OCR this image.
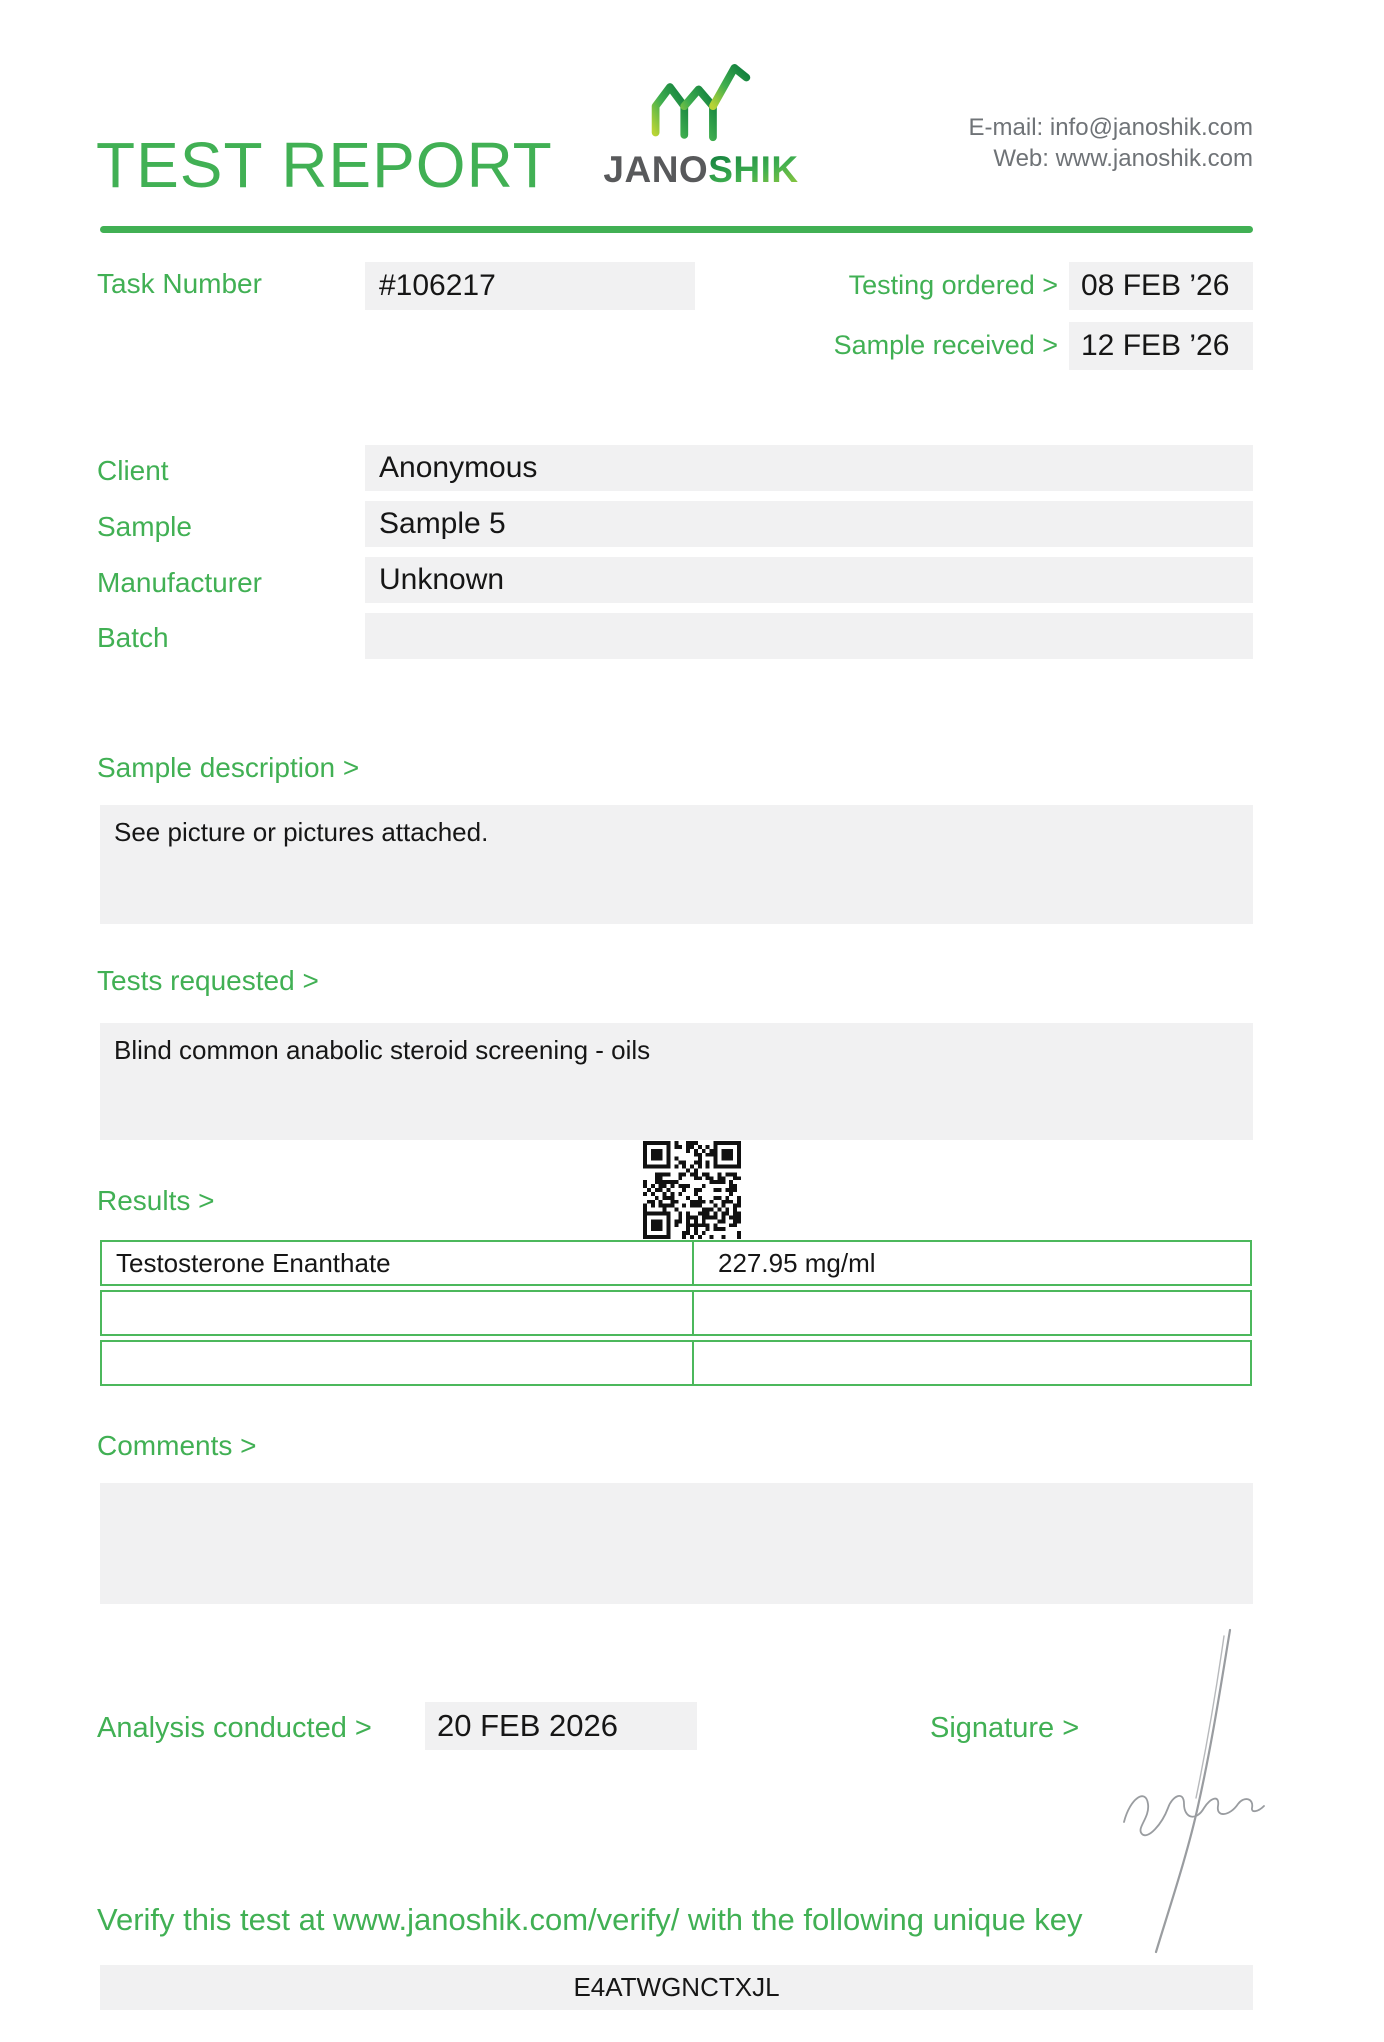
TEST REPORT JANOSHIK
E-mail: info@janoshik.com
Web: www.janoshik.com
Task Number	#106217	Testing ordered > 08 FEB ’26
Sample received > 12 FEB ’26
Client	Anonymous
Sample	Sample 5
Manufacturer	Unknown
Batch
Sample description >
See picture or pictures attached.
Tests requested >
Blind common anabolic steroid screening - oils
Results >
Testosterone Enanthate	227.95 mg/ml
Comments >
Analysis conducted >	20 FEB 2026	Signature >
Verify this test at www.janoshik.com/verify/ with the following unique key
E4ATWGNCTXJL
